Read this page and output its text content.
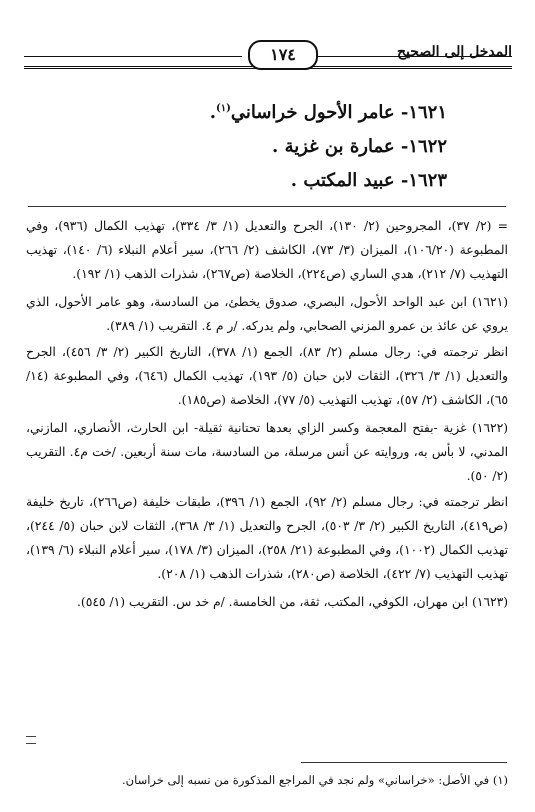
المدخل إلى الصحيح
١٧٤
١٦٢١- عامر الأحول خراساني$^{(١)}$.
١٦٢٢- عمارة بن غزية .
١٦٢٣- عبيد المكتب .

= (٢/ ٣٧)، المجروحين (٢/ ١٣٠)، الجرح والتعديل (١/ ٣/ ٣٣٤)، تهذيب الكمال (٩٣٦)، وفي المطبوعة (١٠٦/٢٠)، الميزان (٣/ ٧٣)، الكاشف (٢/ ٢٦٦)، سير أعلام النبلاء (٦/ ١٤٠)، تهذيب التهذيب (٧/ ٢١٢)، هدي الساري (ص٢٢٤)، الخلاصة (ص٢٦٧)، شذرات الذهب (١/ ١٩٢).

(١٦٢١) ابن عبد الواحد الأحول، البصري، صدوق يخطئ، من السادسة، وهو عامر الأحول، الذي يروي عن عائذ بن عمرو المزني الصحابي، ولم يدركه. /ر م ٤. التقريب (١/ ٣٨٩).

انظر ترجمته في: رجال مسلم (٢/ ٨٣)، الجمع (١/ ٣٧٨)، التاريخ الكبير (٢/ ٣/ ٤٥٦)، الجرح والتعديل (١/ ٣/ ٣٢٦)، الثقات لابن حبان (٥/ ١٩٣)، تهذيب الكمال (٦٤٦)، وفي المطبوعة (١٤/ ٦٥)، الكاشف (٢/ ٥٧)، تهذيب التهذيب (٥/ ٧٧)، الخلاصة (ص١٨٥).

(١٦٢٢) غزية -بفتح المعجمة وكسر الزاي بعدها تحتانية ثقيلة- ابن الحارث، الأنصاري، المازني، المدني، لا بأس به، وروايته عن أنس مرسلة، من السادسة، مات سنة أربعين. /خت م٤. التقريب (٢/ ٥٠).

انظر ترجمته في: رجال مسلم (٢/ ٩٢)، الجمع (١/ ٣٩٦)، طبقات خليفة (ص٢٦٦)، تاريخ خليفة (ص٤١٩)، التاريخ الكبير (٢/ ٣/ ٥٠٣)، الجرح والتعديل (١/ ٣/ ٣٦٨)، الثقات لابن حبان (٥/ ٢٤٤)، تهذيب الكمال (١٠٠٢)، وفي المطبوعة (٢١/ ٢٥٨)، الميزان (٣/ ١٧٨)، سير أعلام النبلاء (٦/ ١٣٩)، تهذيب التهذيب (٧/ ٤٢٢)، الخلاصة (ص٢٨٠)، شذرات الذهب (١/ ٢٠٨).

(١٦٢٣) ابن مهران، الكوفي، المكتب، ثقة، من الخامسة. /م خد س. التقريب (١/ ٥٤٥).

(١) في الأصل: «خراساني» ولم نجد في المراجع المذكورة من نسبه إلى خراسان.
